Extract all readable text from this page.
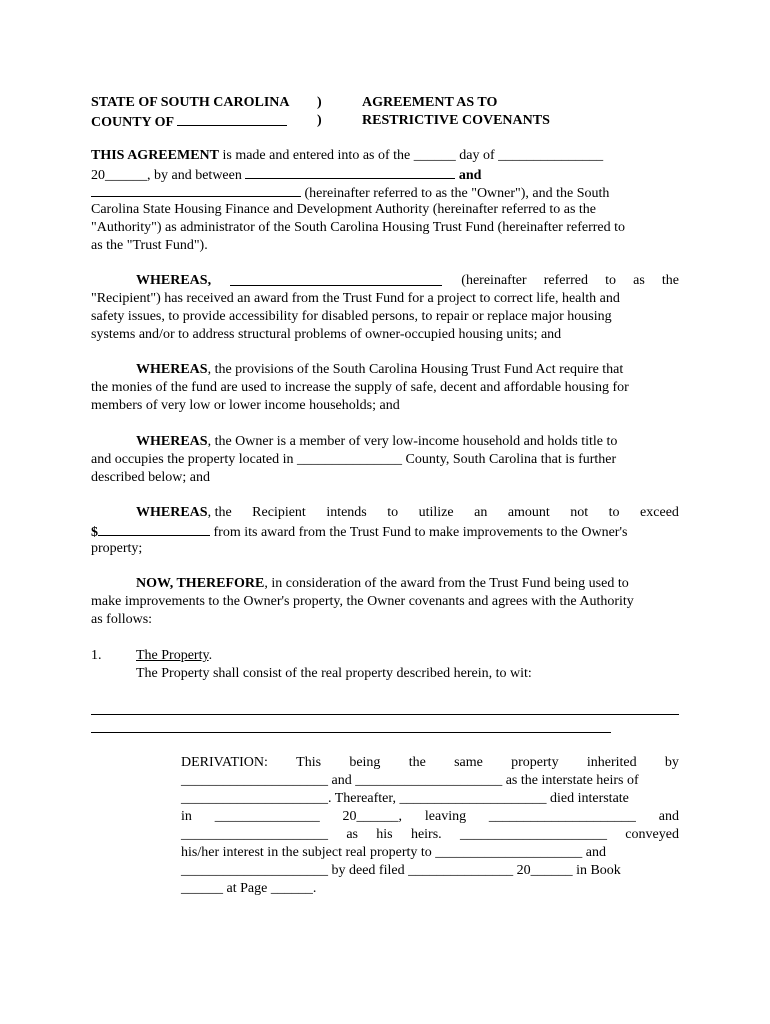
STATE OF SOUTH CAROLINA )	AGREEMENT AS TO
COUNTY OF	)	RESTRICTIVE COVENANTS
THIS AGREEMENT is made and entered into as of the ______ day of _______________
20______, by and between	and
(hereinafter referred to as the "Owner"), and the South
Carolina State Housing Finance and Development Authority (hereinafter referred to as the
"Authority") as administrator of the South Carolina Housing Trust Fund (hereinafter referred to
as the "Trust Fund").
WHEREAS,	(hereinafter referred to as the
"Recipient") has received an award from the Trust Fund for a project to correct life, health and
safety issues, to provide accessibility for disabled persons, to repair or replace major housing
systems and/or to address structural problems of owner-occupied housing units; and
WHEREAS, the provisions of the South Carolina Housing Trust Fund Act require that
the monies of the fund are used to increase the supply of safe, decent and affordable housing for
members of very low or lower income households; and
WHEREAS, the Owner is a member of very low-income household and holds title to
and occupies the property located in _______________ County, South Carolina that is further
described below; and
WHEREAS, the Recipient intends to utilize an amount not to exceed
$	from its award from the Trust Fund to make improvements to the Owner's
property;
NOW, THEREFORE, in consideration of the award from the Trust Fund being used to
make improvements to the Owner's property, the Owner covenants and agrees with the Authority
as follows:
1. The Property.
The Property shall consist of the real property described herein, to wit:
DERIVATION: This being the same property inherited by
_____________________ and _____________________ as the interstate heirs of
_____________________. Thereafter, _____________________ died interstate
in _______________ 20______, leaving _____________________ and
_____________________ as his heirs. _____________________ conveyed
his/her interest in the subject real property to _____________________ and
_____________________ by deed filed _______________ 20______ in Book
______ at Page ______.
